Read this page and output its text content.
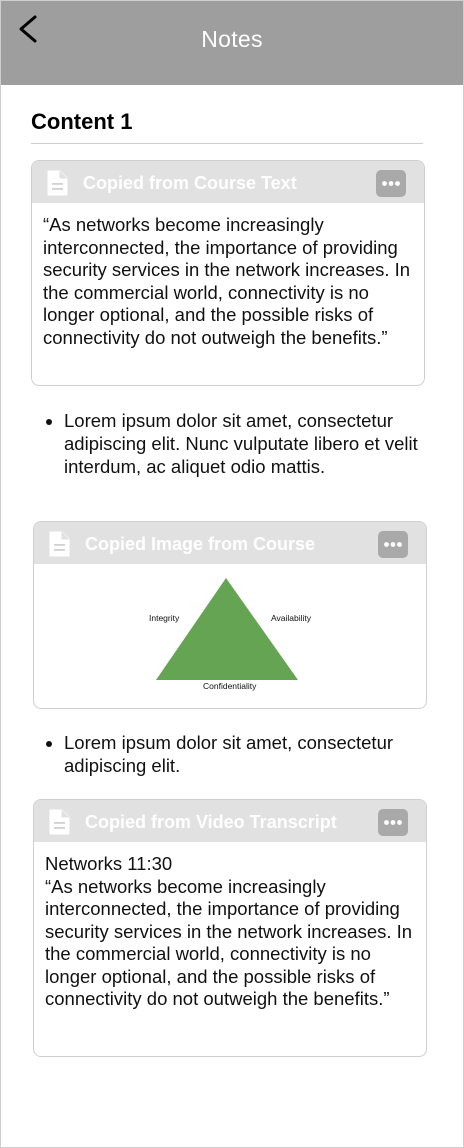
Notes
Content 1
Copied from Course Text
“As networks become increasingly interconnected, the importance of providing security services in the network increases. In the commercial world, connectivity is no longer optional, and the possible risks of connectivity do not outweigh the benefits.”
• Lorem ipsum dolor sit amet, consectetur adipiscing elit. Nunc vulputate libero et velit interdum, ac aliquet odio mattis.
Copied Image from Course
Integrity	Availability
Confidentiality
• Lorem ipsum dolor sit amet, consectetur adipiscing elit.
Copied from Video Transcript
Networks 11:30
“As networks become increasingly interconnected, the importance of providing security services in the network increases. In the commercial world, connectivity is no longer optional, and the possible risks of connectivity do not outweigh the benefits.”
